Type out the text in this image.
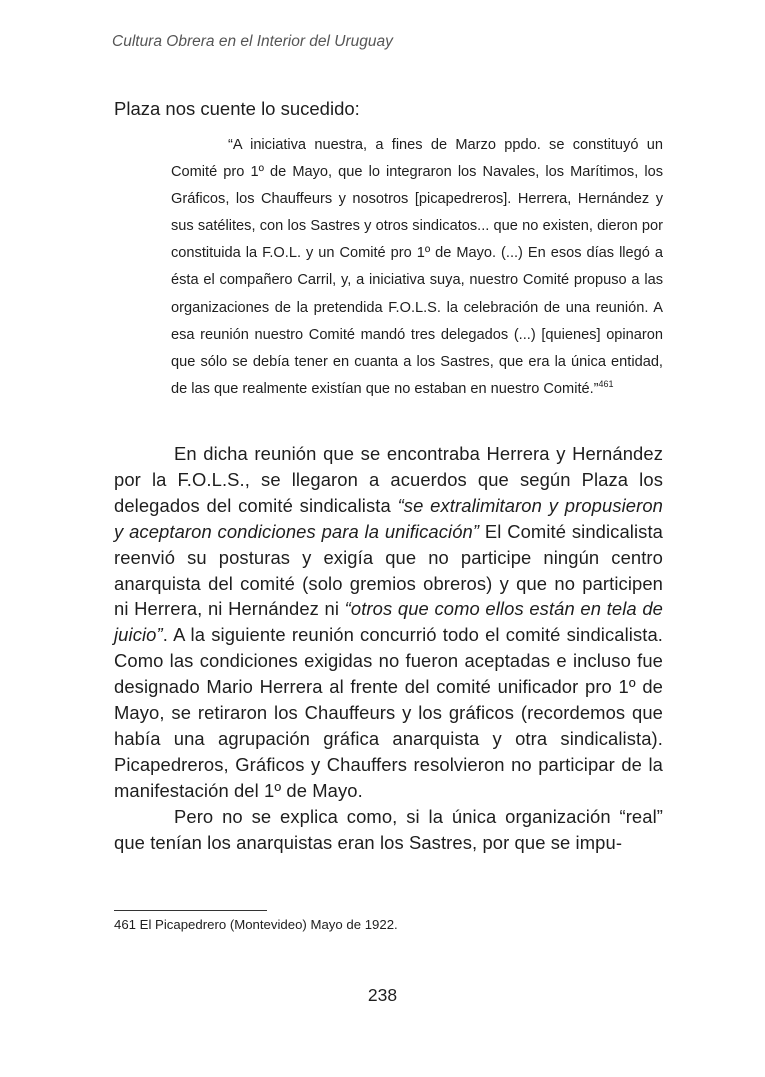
Cultura Obrera en el Interior del Uruguay
Plaza nos cuente lo sucedido:

“A iniciativa nuestra, a fines de Marzo ppdo. se constituyó un Comité pro 1º de Mayo, que lo integraron los Navales, los Marítimos, los Gráficos, los Chauffeurs y nosotros [picapedreros]. Herrera, Hernández y sus satélites, con los Sastres y otros sindicatos... que no existen, dieron por constituida la F.O.L. y un Comité pro 1º de Mayo. (...) En esos días llegó a ésta el compañero Carril, y, a iniciativa suya, nuestro Comité propuso a las organizaciones de la pretendida F.O.L.S. la celebración de una reunión. A esa reunión nuestro Comité mandó tres delegados (...) [quienes] opinaron que sólo se debía tener en cuanta a los Sastres, que era la única entidad, de las que realmente existían que no estaban en nuestro Comité.”$^{461}$

En dicha reunión que se encontraba Herrera y Hernández por la F.O.L.S., se llegaron a acuerdos que según Plaza los delegados del comité sindicalista “se extralimitaron y propusieron y aceptaron condiciones para la unificación” El Comité sindicalista reenvió su posturas y exigía que no participe ningún centro anarquista del comité (solo gremios obreros) y que no participen ni Herrera, ni Hernández ni “otros que como ellos están en tela de juicio”. A la siguiente reunión concurrió todo el comité sindicalista. Como las condiciones exigidas no fueron aceptadas e incluso fue designado Mario Herrera al frente del comité unificador pro 1º de Mayo, se retiraron los Chauffeurs y los gráficos (recordemos que había una agrupación gráfica anarquista y otra sindicalista). Picapedreros, Gráficos y Chauffers resolvieron no participar de la manifestación del 1º de Mayo.

Pero no se explica como, si la única organización “real” que tenían los anarquistas eran los Sastres, por que se impu-

461 El Picapedrero (Montevideo) Mayo de 1922.
238
